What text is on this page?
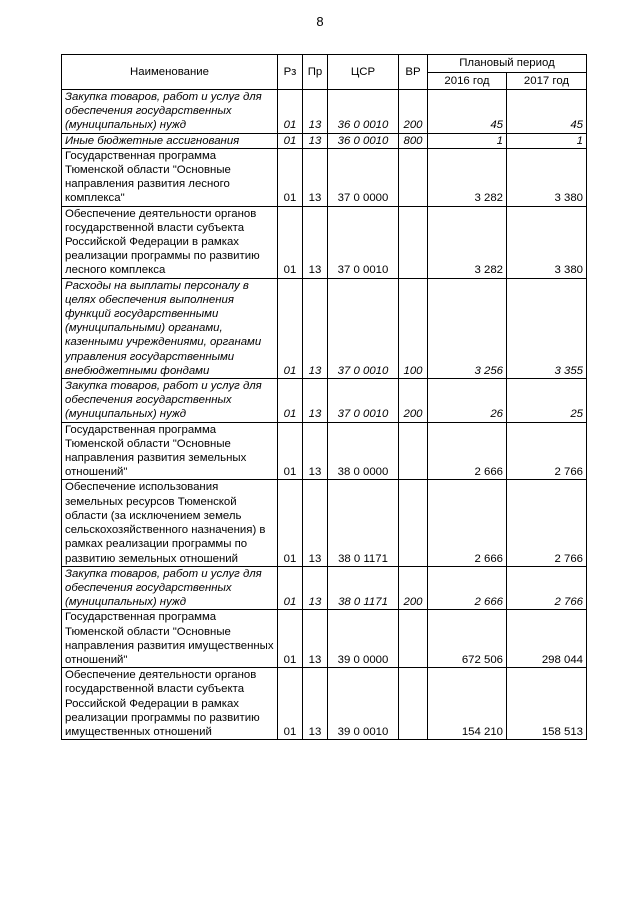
8
Наименование	Рз	Пр	ЦСР	ВР	Плановый период	
					2016 год	2017 год
Закупка товаров, работ и услуг для обеспечения государственных (муниципальных) нужд	01	13	36 0 0010	200	45	45
Иные бюджетные ассигнования	01	13	36 0 0010	800	1	1
Государственная программа Тюменской области "Основные направления развития лесного комплекса"	01	13	37 0 0000		3 282	3 380
Обеспечение деятельности органов государственной власти субъекта Российской Федерации в рамках реализации программы по развитию лесного комплекса	01	13	37 0 0010		3 282	3 380
Расходы на выплаты персоналу в целях обеспечения выполнения функций государственными (муниципальными) органами, казенными учреждениями, органами управления государственными внебюджетными фондами	01	13	37 0 0010	100	3 256	3 355
Закупка товаров, работ и услуг для обеспечения государственных (муниципальных) нужд	01	13	37 0 0010	200	26	25
Государственная программа Тюменской области "Основные направления развития земельных отношений"	01	13	38 0 0000		2 666	2 766
Обеспечение использования земельных ресурсов Тюменской области (за исключением земель сельскохозяйственного назначения) в рамках реализации программы по развитию земельных отношений	01	13	38 0 1171		2 666	2 766
Закупка товаров, работ и услуг для обеспечения государственных (муниципальных) нужд	01	13	38 0 1171	200	2 666	2 766
Государственная программа Тюменской области "Основные направления развития имущественных отношений"	01	13	39 0 0000		672 506	298 044
Обеспечение деятельности органов государственной власти субъекта Российской Федерации в рамках реализации программы по развитию имущественных отношений	01	13	39 0 0010		154 210	158 513
